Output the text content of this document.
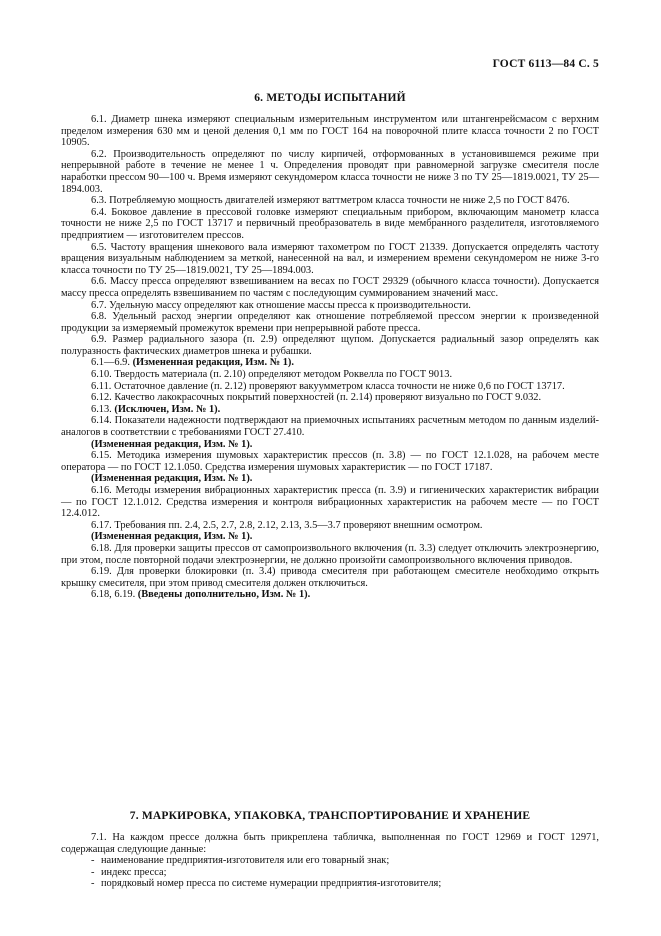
ГОСТ 6113—84 С. 5
6. МЕТОДЫ ИСПЫТАНИЙ

6.1. Диаметр шнека измеряют специальным измерительным инструментом или штангенрейсмасом с верхним пределом измерения 630 мм и ценой деления 0,1 мм по ГОСТ 164 на поворочной плите класса точности 2 по ГОСТ 10905.

6.2. Производительность определяют по числу кирпичей, отформованных в установившемся режиме при непрерывной работе в течение не менее 1 ч. Определения проводят при равномерной загрузке смесителя после наработки прессом 90—100 ч. Время измеряют секундомером класса точности не ниже 3 по ТУ 25—1819.0021, ТУ 25—1894.003.

6.3. Потребляемую мощность двигателей измеряют ваттметром класса точности не ниже 2,5 по ГОСТ 8476.

6.4. Боковое давление в прессовой головке измеряют специальным прибором, включающим манометр класса точности не ниже 2,5 по ГОСТ 13717 и первичный преобразователь в виде мембранного разделителя, изготовляемого предприятием — изготовителем прессов.

6.5. Частоту вращения шнекового вала измеряют тахометром по ГОСТ 21339. Допускается определять частоту вращения визуальным наблюдением за меткой, нанесенной на вал, и измерением времени секундомером не ниже 3-го класса точности по ТУ 25—1819.0021, ТУ 25—1894.003.

6.6. Массу пресса определяют взвешиванием на весах по ГОСТ 29329 (обычного класса точности). Допускается массу пресса определять взвешиванием по частям с последующим суммированием значений масс.

6.7. Удельную массу определяют как отношение массы пресса к производительности.

6.8. Удельный расход энергии определяют как отношение потребляемой прессом энергии к произведенной продукции за измеряемый промежуток времени при непрерывной работе пресса.

6.9. Размер радиального зазора (п. 2.9) определяют щупом. Допускается радиальный зазор определять как полуразность фактических диаметров шнека и рубашки.

6.1—6.9. (Измененная редакция, Изм. № 1).

6.10. Твердость материала (п. 2.10) определяют методом Роквелла по ГОСТ 9013.

6.11. Остаточное давление (п. 2.12) проверяют вакуумметром класса точности не ниже 0,6 по ГОСТ 13717.

6.12. Качество лакокрасочных покрытий поверхностей (п. 2.14) проверяют визуально по ГОСТ 9.032.

6.13. (Исключен, Изм. № 1).

6.14. Показатели надежности подтверждают на приемочных испытаниях расчетным методом по данным изделий-аналогов в соответствии с требованиями ГОСТ 27.410.

(Измененная редакция, Изм. № 1).

6.15. Методика измерения шумовых характеристик прессов (п. 3.8) — по ГОСТ 12.1.028, на рабочем месте оператора — по ГОСТ 12.1.050. Средства измерения шумовых характеристик — по ГОСТ 17187.

(Измененная редакция, Изм. № 1).

6.16. Методы измерения вибрационных характеристик пресса (п. 3.9) и гигиенических характеристик вибрации — по ГОСТ 12.1.012. Средства измерения и контроля вибрационных характеристик на рабочем месте — по ГОСТ 12.4.012.

6.17. Требования пп. 2.4, 2.5, 2.7, 2.8, 2.12, 2.13, 3.5—3.7 проверяют внешним осмотром.

(Измененная редакция, Изм. № 1).

6.18. Для проверки защиты прессов от самопроизвольного включения (п. 3.3) следует отключить электроэнергию, при этом, после повторной подачи электроэнергии, не должно произойти самопроизвольного включения приводов.

6.19. Для проверки блокировки (п. 3.4) привода смесителя при работающем смесителе необходимо открыть крышку смесителя, при этом привод смесителя должен отключиться.

6.18, 6.19. (Введены дополнительно, Изм. № 1).

7. МАРКИРОВКА, УПАКОВКА, ТРАНСПОРТИРОВАНИЕ И ХРАНЕНИЕ

7.1. На каждом прессе должна быть прикреплена табличка, выполненная по ГОСТ 12969 и ГОСТ 12971, содержащая следующие данные:

- наименование предприятия-изготовителя или его товарный знак;
- индекс пресса;
- порядковый номер пресса по системе нумерации предприятия-изготовителя;
